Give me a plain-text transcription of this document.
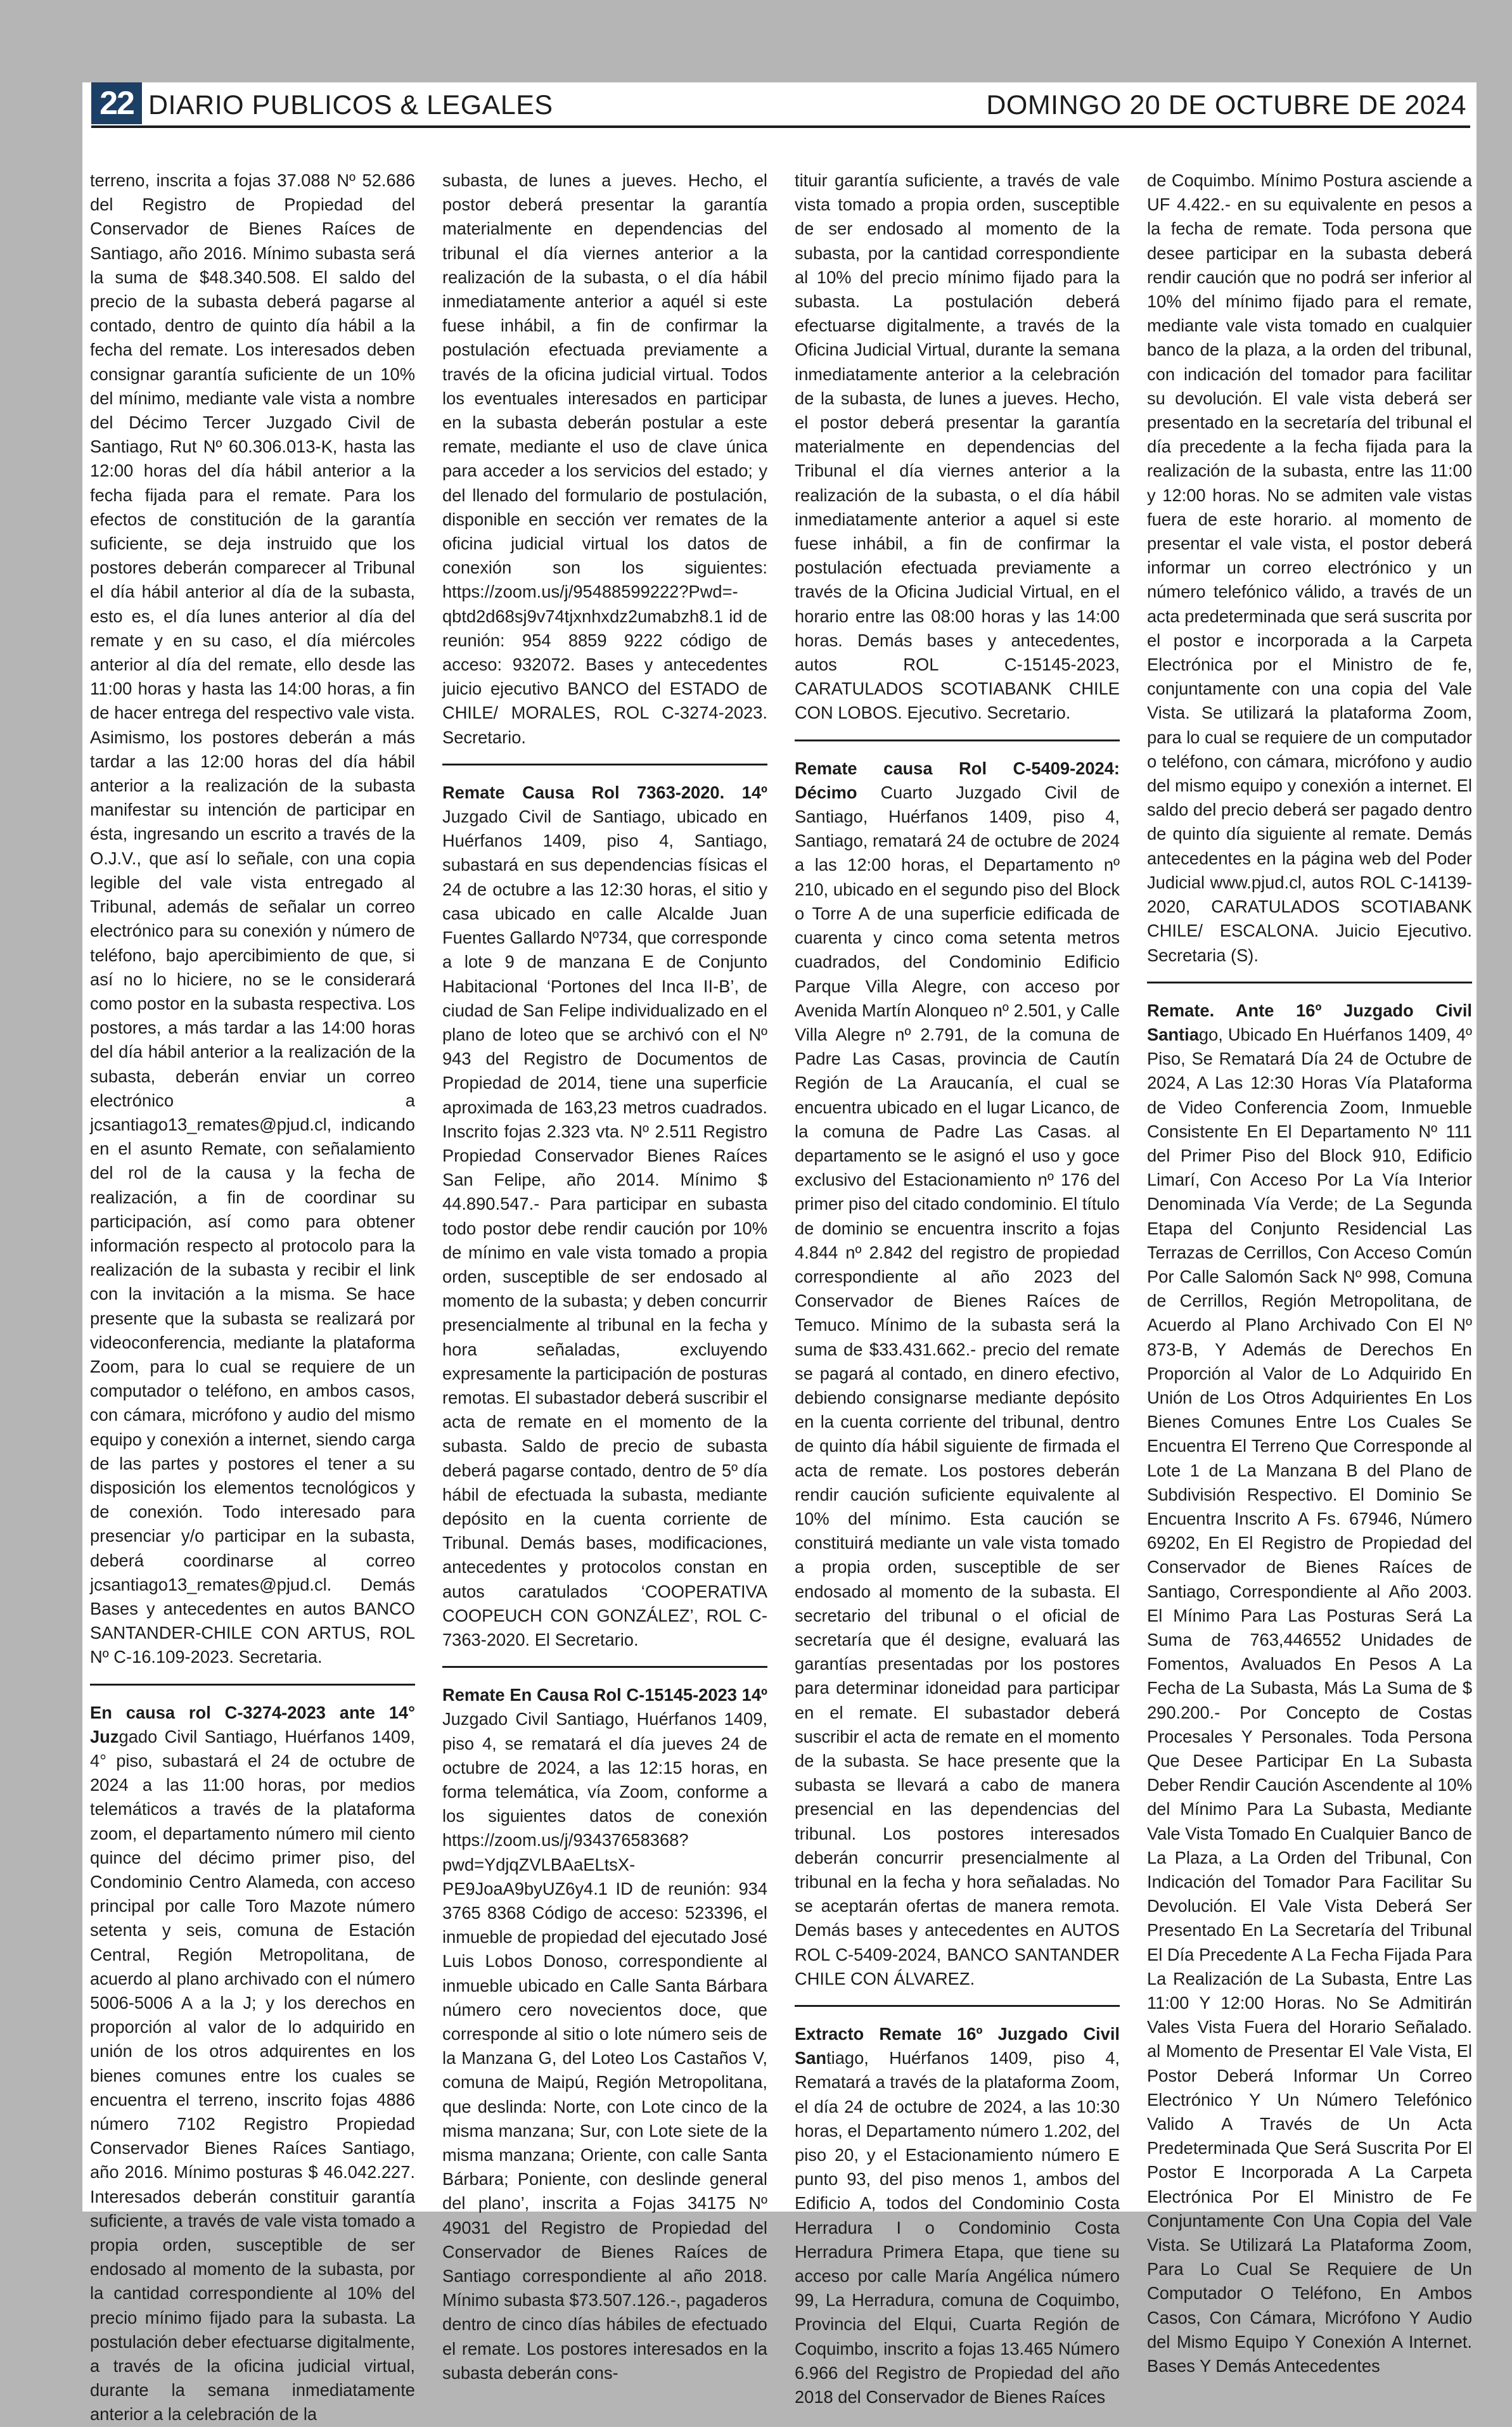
22 DIARIO PUBLICOS & LEGALES	DOMINGO 20 DE OCTUBRE DE 2024

terreno, inscrita a fojas 37.088 Nº 52.686 del Registro de Propiedad del Conservador de Bienes Raíces de Santiago, año 2016. Mínimo subasta será la suma de $48.340.508. El saldo del precio de la subasta deberá pagarse al contado, dentro de quinto día hábil a la fecha del remate. Los interesados deben consignar garantía suficiente de un 10% del mínimo, mediante vale vista a nombre del Décimo Tercer Juzgado Civil de Santiago, Rut Nº 60.306.013-K, hasta las 12:00 horas del día hábil anterior a la fecha fijada para el remate. Para los efectos de constitución de la garantía suficiente, se deja instruido que los postores deberán comparecer al Tribunal el día hábil anterior al día de la subasta, esto es, el día lunes anterior al día del remate y en su caso, el día miércoles anterior al día del remate, ello desde las 11:00 horas y hasta las 14:00 horas, a fin de hacer entrega del respectivo vale vista. Asimismo, los postores deberán a más tardar a las 12:00 horas del día hábil anterior a la realización de la subasta manifestar su intención de participar en ésta, ingresando un escrito a través de la O.J.V., que así lo señale, con una copia legible del vale vista entregado al Tribunal, además de señalar un correo electrónico para su conexión y número de teléfono, bajo apercibimiento de que, si así no lo hiciere, no se le considerará como postor en la subasta respectiva. Los postores, a más tardar a las 14:00 horas del día hábil anterior a la realización de la subasta, deberán enviar un correo electrónico a jcsantiago13_remates@pjud.cl, indicando en el asunto Remate, con señalamiento del rol de la causa y la fecha de realización, a fin de coordinar su participación, así como para obtener información respecto al protocolo para la realización de la subasta y recibir el link con la invitación a la misma. Se hace presente que la subasta se realizará por videoconferencia, mediante la plataforma Zoom, para lo cual se requiere de un computador o teléfono, en ambos casos, con cámara, micrófono y audio del mismo equipo y conexión a internet, siendo carga de las partes y postores el tener a su disposición los elementos tecnológicos y de conexión. Todo interesado para presenciar y/o participar en la subasta, deberá coordinarse al correo jcsantiago13_remates@pjud.cl. Demás Bases y antecedentes en autos BANCO SANTANDER-CHILE CON ARTUS, ROL Nº C-16.109-2023. Secretaria.

En causa rol C-3274-2023 ante 14° Juzgado Civil Santiago, Huérfanos 1409, 4° piso, subastará el 24 de octubre de 2024 a las 11:00 horas, por medios telemáticos a través de la plataforma zoom, el departamento número mil ciento quince del décimo primer piso, del Condominio Centro Alameda, con acceso principal por calle Toro Mazote número setenta y seis, comuna de Estación Central, Región Metropolitana, de acuerdo al plano archivado con el número 5006-5006 A a la J; y los derechos en proporción al valor de lo adquirido en unión de los otros adquirentes en los bienes comunes entre los cuales se encuentra el terreno, inscrito fojas 4886 número 7102 Registro Propiedad Conservador Bienes Raíces Santiago, año 2016. Mínimo posturas $ 46.042.227. Interesados deberán constituir garantía suficiente, a través de vale vista tomado a propia orden, susceptible de ser endosado al momento de la subasta, por la cantidad correspondiente al 10% del precio mínimo fijado para la subasta. La postulación deber efectuarse digitalmente, a través de la oficina judicial virtual, durante la semana inmediatamente anterior a la celebración de la

subasta, de lunes a jueves. Hecho, el postor deberá presentar la garantía materialmente en dependencias del tribunal el día viernes anterior a la realización de la subasta, o el día hábil inmediatamente anterior a aquél si este fuese inhábil, a fin de confirmar la postulación efectuada previamente a través de la oficina judicial virtual. Todos los eventuales interesados en participar en la subasta deberán postular a este remate, mediante el uso de clave única para acceder a los servicios del estado; y del llenado del formulario de postulación, disponible en sección ver remates de la oficina judicial virtual los datos de conexión son los siguientes: https://zoom.us/j/95488599222?Pwd=-qbtd2d68sj9v74tjxnhxdz2umabzh8.1 id de reunión: 954 8859 9222 código de acceso: 932072. Bases y antecedentes juicio ejecutivo BANCO del ESTADO de CHILE/ MORALES, ROL C-3274-2023. Secretario.

Remate Causa Rol 7363-2020. 14º Juzgado Civil de Santiago, ubicado en Huérfanos 1409, piso 4, Santiago, subastará en sus dependencias físicas el 24 de octubre a las 12:30 horas, el sitio y casa ubicado en calle Alcalde Juan Fuentes Gallardo Nº734, que corresponde a lote 9 de manzana E de Conjunto Habitacional ‘Portones del Inca II-B’, de ciudad de San Felipe individualizado en el plano de loteo que se archivó con el Nº 943 del Registro de Documentos de Propiedad de 2014, tiene una superficie aproximada de 163,23 metros cuadrados. Inscrito fojas 2.323 vta. Nº 2.511 Registro Propiedad Conservador Bienes Raíces San Felipe, año 2014. Mínimo $ 44.890.547.- Para participar en subasta todo postor debe rendir caución por 10% de mínimo en vale vista tomado a propia orden, susceptible de ser endosado al momento de la subasta; y deben concurrir presencialmente al tribunal en la fecha y hora señaladas, excluyendo expresamente la participación de posturas remotas. El subastador deberá suscribir el acta de remate en el momento de la subasta. Saldo de precio de subasta deberá pagarse contado, dentro de 5º día hábil de efectuada la subasta, mediante depósito en la cuenta corriente de Tribunal. Demás bases, modificaciones, antecedentes y protocolos constan en autos caratulados ‘COOPERATIVA COOPEUCH CON GONZÁLEZ’, ROL C-7363-2020. El Secretario.

Remate En Causa Rol C-15145-2023 14º Juzgado Civil Santiago, Huérfanos 1409, piso 4, se rematará el día jueves 24 de octubre de 2024, a las 12:15 horas, en forma telemática, vía Zoom, conforme a los siguientes datos de conexión https://zoom.us/j/93437658368?pwd=YdjqZVLBAaELtsX-PE9JoaA9byUZ6y4.1 ID de reunión: 934 3765 8368 Código de acceso: 523396, el inmueble de propiedad del ejecutado José Luis Lobos Donoso, correspondiente al inmueble ubicado en Calle Santa Bárbara número cero novecientos doce, que corresponde al sitio o lote número seis de la Manzana G, del Loteo Los Castaños V, comuna de Maipú, Región Metropolitana, que deslinda: Norte, con Lote cinco de la misma manzana; Sur, con Lote siete de la misma manzana; Oriente, con calle Santa Bárbara; Poniente, con deslinde general del plano’, inscrita a Fojas 34175 Nº 49031 del Registro de Propiedad del Conservador de Bienes Raíces de Santiago correspondiente al año 2018. Mínimo subasta $73.507.126.-, pagaderos dentro de cinco días hábiles de efectuado el remate. Los postores interesados en la subasta deberán cons-

tituir garantía suficiente, a través de vale vista tomado a propia orden, susceptible de ser endosado al momento de la subasta, por la cantidad correspondiente al 10% del precio mínimo fijado para la subasta. La postulación deberá efectuarse digitalmente, a través de la Oficina Judicial Virtual, durante la semana inmediatamente anterior a la celebración de la subasta, de lunes a jueves. Hecho, el postor deberá presentar la garantía materialmente en dependencias del Tribunal el día viernes anterior a la realización de la subasta, o el día hábil inmediatamente anterior a aquel si este fuese inhábil, a fin de confirmar la postulación efectuada previamente a través de la Oficina Judicial Virtual, en el horario entre las 08:00 horas y las 14:00 horas. Demás bases y antecedentes, autos ROL C-15145-2023, CARATULADOS SCOTIABANK CHILE CON LOBOS. Ejecutivo. Secretario.

Remate causa Rol C-5409-2024: Décimo Cuarto Juzgado Civil de Santiago, Huérfanos 1409, piso 4, Santiago, rematará 24 de octubre de 2024 a las 12:00 horas, el Departamento nº 210, ubicado en el segundo piso del Block o Torre A de una superficie edificada de cuarenta y cinco coma setenta metros cuadrados, del Condominio Edificio Parque Villa Alegre, con acceso por Avenida Martín Alonqueo nº 2.501, y Calle Villa Alegre nº 2.791, de la comuna de Padre Las Casas, provincia de Cautín Región de La Araucanía, el cual se encuentra ubicado en el lugar Licanco, de la comuna de Padre Las Casas. al departamento se le asignó el uso y goce exclusivo del Estacionamiento nº 176 del primer piso del citado condominio. El título de dominio se encuentra inscrito a fojas 4.844 nº 2.842 del registro de propiedad correspondiente al año 2023 del Conservador de Bienes Raíces de Temuco. Mínimo de la subasta será la suma de $33.431.662.- precio del remate se pagará al contado, en dinero efectivo, debiendo consignarse mediante depósito en la cuenta corriente del tribunal, dentro de quinto día hábil siguiente de firmada el acta de remate. Los postores deberán rendir caución suficiente equivalente al 10% del mínimo. Esta caución se constituirá mediante un vale vista tomado a propia orden, susceptible de ser endosado al momento de la subasta. El secretario del tribunal o el oficial de secretaría que él designe, evaluará las garantías presentadas por los postores para determinar idoneidad para participar en el remate. El subastador deberá suscribir el acta de remate en el momento de la subasta. Se hace presente que la subasta se llevará a cabo de manera presencial en las dependencias del tribunal. Los postores interesados deberán concurrir presencialmente al tribunal en la fecha y hora señaladas. No se aceptarán ofertas de manera remota. Demás bases y antecedentes en AUTOS ROL C-5409-2024, BANCO SANTANDER CHILE CON ÁLVAREZ.

Extracto Remate 16º Juzgado Civil Santiago, Huérfanos 1409, piso 4, Rematará a través de la plataforma Zoom, el día 24 de octubre de 2024, a las 10:30 horas, el Departamento número 1.202, del piso 20, y el Estacionamiento número E punto 93, del piso menos 1, ambos del Edificio A, todos del Condominio Costa Herradura I o Condominio Costa Herradura Primera Etapa, que tiene su acceso por calle María Angélica número 99, La Herradura, comuna de Coquimbo, Provincia del Elqui, Cuarta Región de Coquimbo, inscrito a fojas 13.465 Número 6.966 del Registro de Propiedad del año 2018 del Conservador de Bienes Raíces

de Coquimbo. Mínimo Postura asciende a UF 4.422.- en su equivalente en pesos a la fecha de remate. Toda persona que desee participar en la subasta deberá rendir caución que no podrá ser inferior al 10% del mínimo fijado para el remate, mediante vale vista tomado en cualquier banco de la plaza, a la orden del tribunal, con indicación del tomador para facilitar su devolución. El vale vista deberá ser presentado en la secretaría del tribunal el día precedente a la fecha fijada para la realización de la subasta, entre las 11:00 y 12:00 horas. No se admiten vale vistas fuera de este horario. al momento de presentar el vale vista, el postor deberá informar un correo electrónico y un número telefónico válido, a través de un acta predeterminada que será suscrita por el postor e incorporada a la Carpeta Electrónica por el Ministro de fe, conjuntamente con una copia del Vale Vista. Se utilizará la plataforma Zoom, para lo cual se requiere de un computador o teléfono, con cámara, micrófono y audio del mismo equipo y conexión a internet. El saldo del precio deberá ser pagado dentro de quinto día siguiente al remate. Demás antecedentes en la página web del Poder Judicial www.pjud.cl, autos ROL C-14139-2020, CARATULADOS SCOTIABANK CHILE/ ESCALONA. Juicio Ejecutivo. Secretaria (S).

Remate. Ante 16º Juzgado Civil Santiago, Ubicado En Huérfanos 1409, 4º Piso, Se Rematará Día 24 de Octubre de 2024, A Las 12:30 Horas Vía Plataforma de Video Conferencia Zoom, Inmueble Consistente En El Departamento Nº 111 del Primer Piso del Block 910, Edificio Limarí, Con Acceso Por La Vía Interior Denominada Vía Verde; de La Segunda Etapa del Conjunto Residencial Las Terrazas de Cerrillos, Con Acceso Común Por Calle Salomón Sack Nº 998, Comuna de Cerrillos, Región Metropolitana, de Acuerdo al Plano Archivado Con El Nº 873-B, Y Además de Derechos En Proporción al Valor de Lo Adquirido En Unión de Los Otros Adquirientes En Los Bienes Comunes Entre Los Cuales Se Encuentra El Terreno Que Corresponde al Lote 1 de La Manzana B del Plano de Subdivisión Respectivo. El Dominio Se Encuentra Inscrito A Fs. 67946, Número 69202, En El Registro de Propiedad del Conservador de Bienes Raíces de Santiago, Correspondiente al Año 2003. El Mínimo Para Las Posturas Será La Suma de 763,446552 Unidades de Fomentos, Avaluados En Pesos A La Fecha de La Subasta, Más La Suma de $ 290.200.- Por Concepto de Costas Procesales Y Personales. Toda Persona Que Desee Participar En La Subasta Deber Rendir Caución Ascendente al 10% del Mínimo Para La Subasta, Mediante Vale Vista Tomado En Cualquier Banco de La Plaza, a La Orden del Tribunal, Con Indicación del Tomador Para Facilitar Su Devolución. El Vale Vista Deberá Ser Presentado En La Secretaría del Tribunal El Día Precedente A La Fecha Fijada Para La Realización de La Subasta, Entre Las 11:00 Y 12:00 Horas. No Se Admitirán Vales Vista Fuera del Horario Señalado. al Momento de Presentar El Vale Vista, El Postor Deberá Informar Un Correo Electrónico Y Un Número Telefónico Valido A Través de Un Acta Predeterminada Que Será Suscrita Por El Postor E Incorporada A La Carpeta Electrónica Por El Ministro de Fe Conjuntamente Con Una Copia del Vale Vista. Se Utilizará La Plataforma Zoom, Para Lo Cual Se Requiere de Un Computador O Teléfono, En Ambos Casos, Con Cámara, Micrófono Y Audio del Mismo Equipo Y Conexión A Internet. Bases Y Demás Antecedentes
